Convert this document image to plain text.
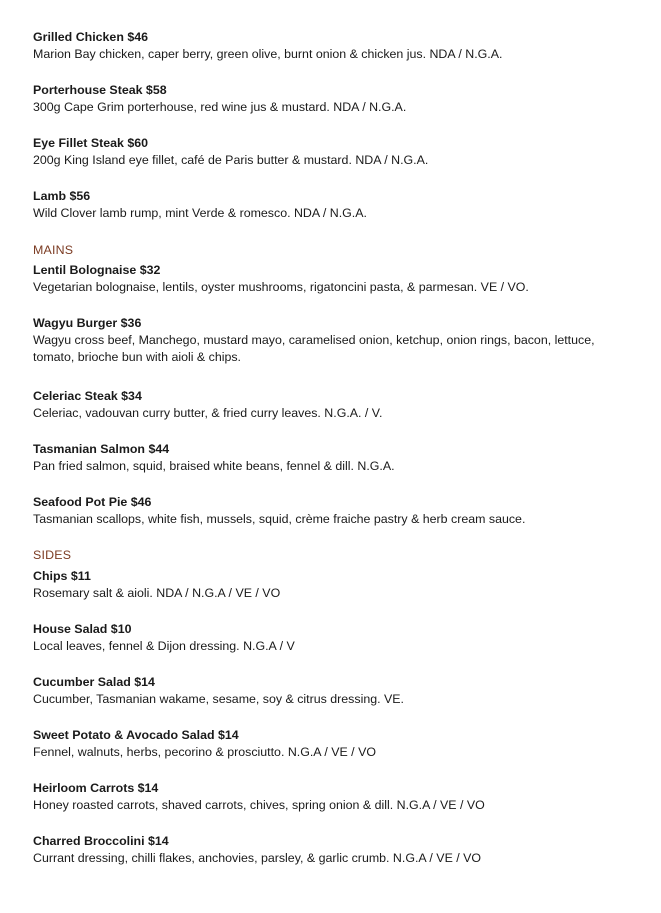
Grilled Chicken $46

Marion Bay chicken, caper berry, green olive, burnt onion & chicken jus. NDA / N.G.A.

Porterhouse Steak $58

300g Cape Grim porterhouse, red wine jus & mustard. NDA / N.G.A.

Eye Fillet Steak $60

200g King Island eye fillet, café de Paris butter & mustard. NDA / N.G.A.

Lamb $56

Wild Clover lamb rump, mint Verde & romesco. NDA / N.G.A.

MAINS

Lentil Bolognaise $32

Vegetarian bolognaise, lentils, oyster mushrooms, rigatoncini pasta, & parmesan. VE / VO.

Wagyu Burger $36

Wagyu cross beef, Manchego, mustard mayo, caramelised onion, ketchup, onion rings, bacon, lettuce, tomato, brioche bun with aioli & chips.

Celeriac Steak $34

Celeriac, vadouvan curry butter, & fried curry leaves. N.G.A. / V.

Tasmanian Salmon $44

Pan fried salmon, squid, braised white beans, fennel & dill. N.G.A.

Seafood Pot Pie $46

Tasmanian scallops, white fish, mussels, squid, crème fraiche pastry & herb cream sauce.

SIDES

Chips $11

Rosemary salt & aioli. NDA / N.G.A / VE / VO

House Salad $10

Local leaves, fennel & Dijon dressing. N.G.A / V

Cucumber Salad $14

Cucumber, Tasmanian wakame, sesame, soy & citrus dressing. VE.

Sweet Potato & Avocado Salad $14

Fennel, walnuts, herbs, pecorino & prosciutto. N.G.A / VE / VO

Heirloom Carrots $14

Honey roasted carrots, shaved carrots, chives, spring onion & dill. N.G.A / VE / VO

Charred Broccolini $14

Currant dressing, chilli flakes, anchovies, parsley, & garlic crumb. N.G.A / VE / VO
